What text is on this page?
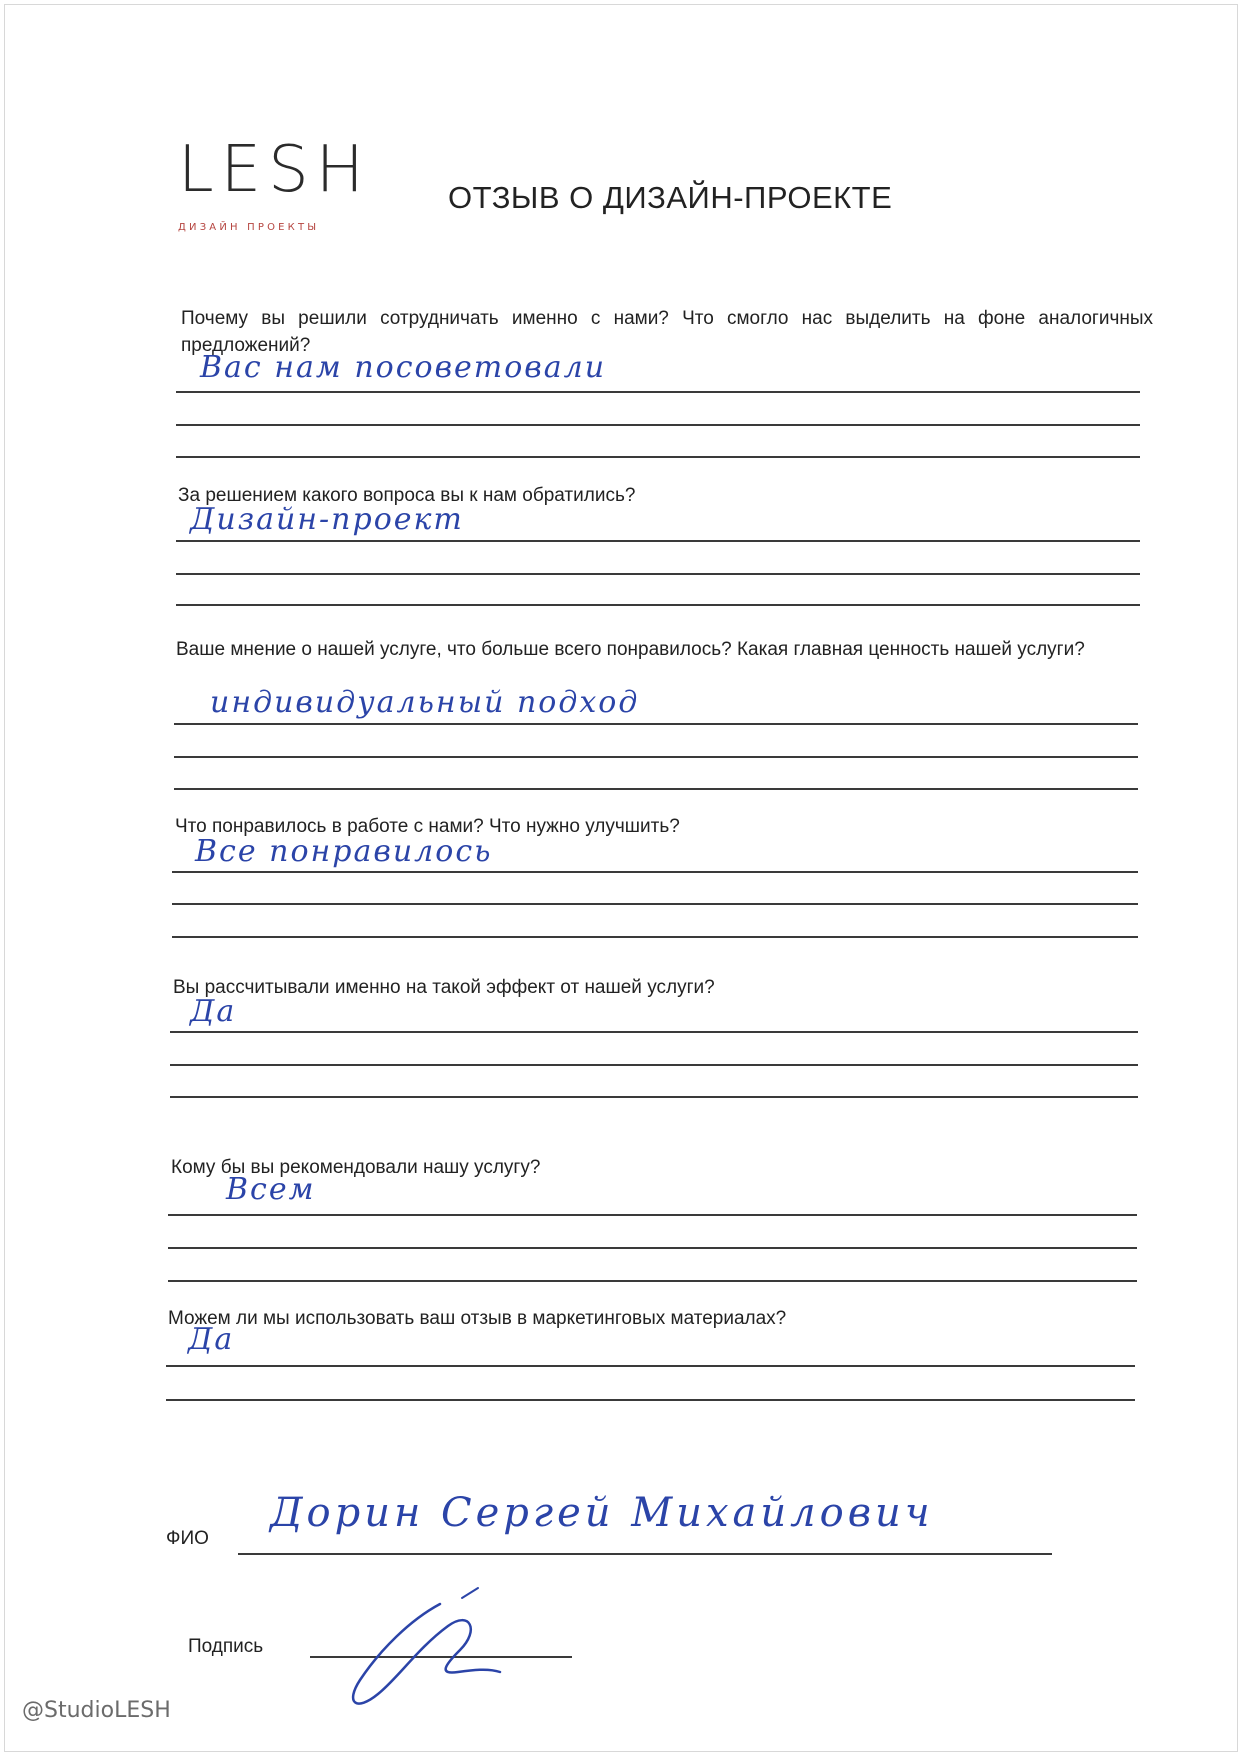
LESH
ДИЗАЙН ПРОЕКТЫ
ОТЗЫВ О ДИЗАЙН-ПРОЕКТЕ
Почему вы решили сотрудничать именно с нами? Что смогло нас выделить на фоне аналогичных предложений?
Вас нам посоветовали
За решением какого вопроса вы к нам обратились?
Дизайн-проект
Ваше мнение о нашей услуге, что больше всего понравилось? Какая главная ценность нашей услуги?
индивидуальный подход
Что понравилось в работе с нами? Что нужно улучшить?
Все понравилось
Вы рассчитывали именно на такой эффект от нашей услуги?
Да
Кому бы вы рекомендовали нашу услугу?
Всем
Можем ли мы использовать ваш отзыв в маркетинговых материалах?
Да
ФИО
Дорин Сергей Михайлович
Подпись
@StudioLESH
